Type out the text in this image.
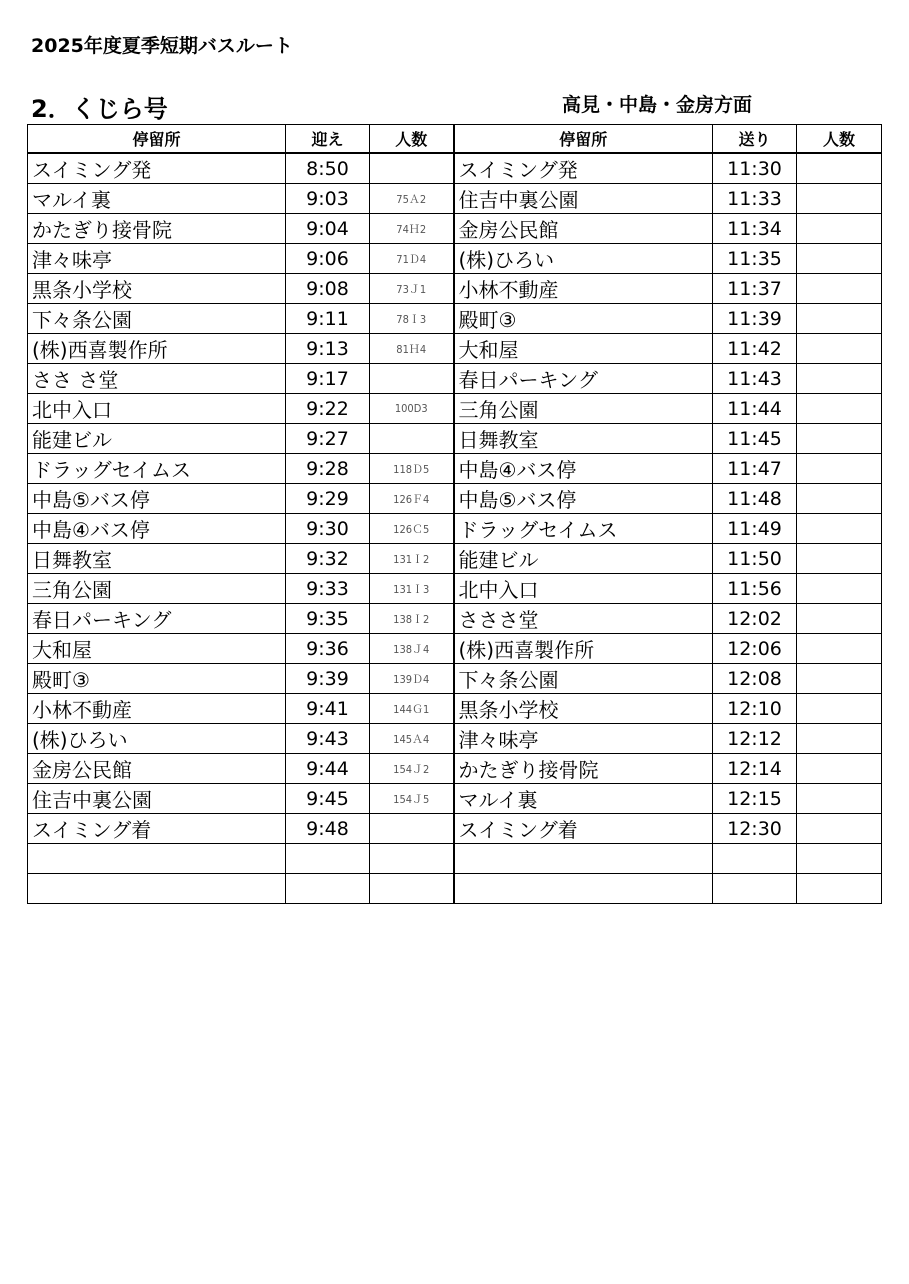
2025年度夏季短期バスルート
2．くじら号	高見・中島・金房方面
停留所	迎え	人数	停留所	送り	人数
スイミング発	8:50		スイミング発	11:30	
マルイ裏	9:03	75Ａ2	住吉中裏公園	11:33	
かたぎり接骨院	9:04	74Ｈ2	金房公民館	11:34	
津々味亭	9:06	71Ｄ4	(株)ひろい	11:35	
黒条小学校	9:08	73Ｊ1	小林不動産	11:37	
下々条公園	9:11	78Ｉ3	殿町③	11:39	
(株)西喜製作所	9:13	81Ｈ4	大和屋	11:42	
ささ さ堂	9:17		春日パーキング	11:43	
北中入口	9:22	100D3	三角公園	11:44	
能建ビル	9:27		日舞教室	11:45	
ドラッグセイムス	9:28	118Ｄ5	中島④バス停	11:47	
中島⑤バス停	9:29	126Ｆ4	中島⑤バス停	11:48	
中島④バス停	9:30	126Ｃ5	ドラッグセイムス	11:49	
日舞教室	9:32	131Ｉ2	能建ビル	11:50	
三角公園	9:33	131Ｉ3	北中入口	11:56	
春日パーキング	9:35	138Ｉ2	さささ堂	12:02	
大和屋	9:36	138Ｊ4	(株)西喜製作所	12:06	
殿町③	9:39	139Ｄ4	下々条公園	12:08	
小林不動産	9:41	144Ｇ1	黒条小学校	12:10	
(株)ひろい	9:43	145Ａ4	津々味亭	12:12	
金房公民館	9:44	154Ｊ2	かたぎり接骨院	12:14	
住吉中裏公園	9:45	154Ｊ5	マルイ裏	12:15	
スイミング着	9:48		スイミング着	12:30	
